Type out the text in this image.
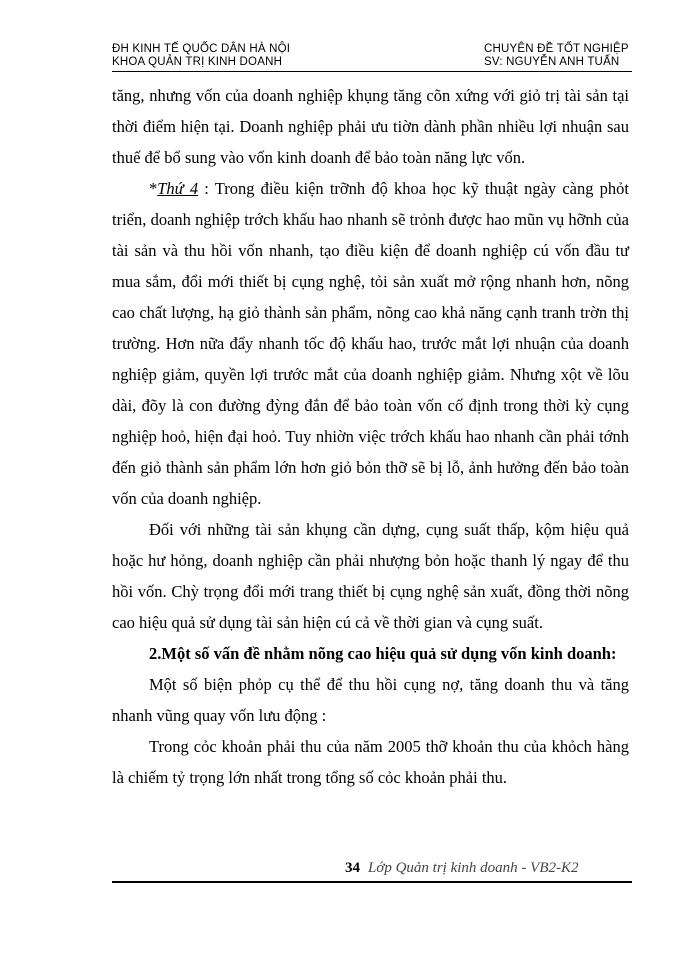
ĐH KINH TẾ QUỐC DÂN HÀ NỘI
KHOA QUẢN TRỊ KINH DOANH
CHUYÊN ĐỀ TỐT NGHIỆP
SV: NGUYỄN ANH TUẤN

tăng, nhưng vốn của doanh nghiệp khụng tăng cõn xứng với giỏ trị tài sản tại thời điểm hiện tại. Doanh nghiệp phải ưu tiờn dành phần nhiều lợi nhuận sau thuế để bổ sung vào vốn kinh doanh để bảo toàn năng lực vốn.

*Thứ 4 : Trong điều kiện trỡnh độ khoa học kỹ thuật ngày càng phỏt triển, doanh nghiệp trớch khấu hao nhanh sẽ trỏnh được hao mũn vụ hỡnh của tài sản và thu hồi vốn nhanh, tạo điều kiện để doanh nghiệp cú vốn đầu tư mua sắm, đổi mới thiết bị cụng nghệ, tỏi sản xuất mở rộng nhanh hơn, nõng cao chất lượng, hạ giỏ thành sản phẩm, nõng cao khả năng cạnh tranh trờn thị trường. Hơn nữa đẩy nhanh tốc độ khấu hao, trước mắt lợi nhuận của doanh nghiệp giảm, quyền lợi trước mắt của doanh nghiệp giảm. Nhưng xột về lõu dài, đõy là con đường đỳng đắn để bảo toàn vốn cố định trong thời kỳ cụng nghiệp hoỏ, hiện đại hoỏ. Tuy nhiờn việc trớch khấu hao nhanh cần phải tớnh đến giỏ thành sản phẩm lớn hơn giỏ bỏn thỡ sẽ bị lỗ, ảnh hưởng đến bảo toàn vốn của doanh nghiệp.

Đối với những tài sản khụng cần dựng, cụng suất thấp, kộm hiệu quả hoặc hư hỏng, doanh nghiệp cần phải nhượng bỏn hoặc thanh lý ngay để thu hồi vốn. Chỳ trọng đổi mới trang thiết bị cụng nghệ sản xuất, đồng thời nõng cao hiệu quả sử dụng tài sản hiện cú cả về thời gian và cụng suất.

2.Một số vấn đề nhằm nõng cao hiệu quả sử dụng vốn kinh doanh:

Một số biện phỏp cụ thể để thu hồi cụng nợ, tăng doanh thu và tăng nhanh vũng quay vốn lưu động :

Trong cỏc khoản phải thu của năm 2005 thỡ khoản thu của khỏch hàng là chiếm tỷ trọng lớn nhất trong tổng số cỏc khoản phải thu.

34 Lớp Quản trị kinh doanh - VB2-K2
